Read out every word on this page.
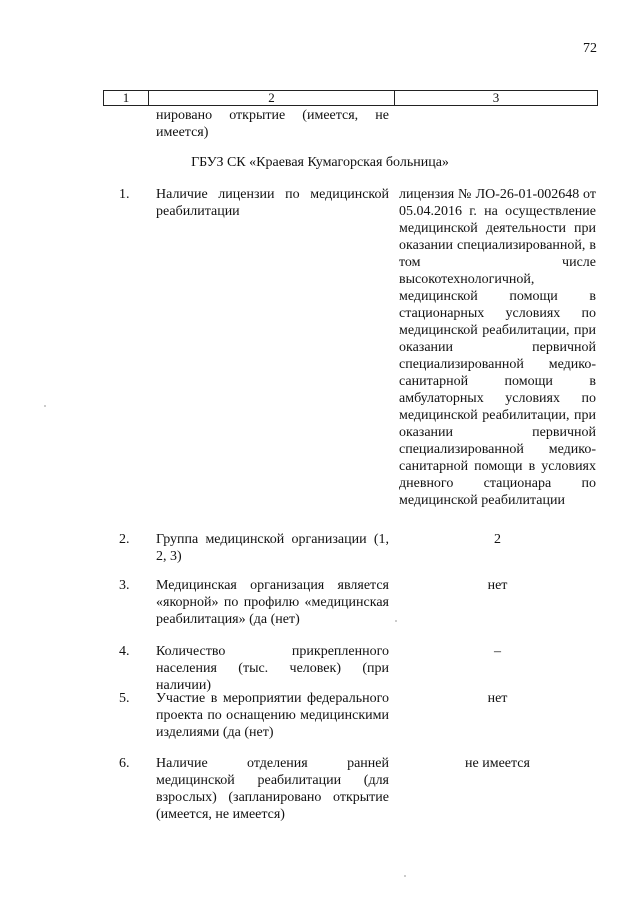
72
1	2	3
нировано открытие (имеется, не имеется)
ГБУЗ СК «Краевая Кумагорская больница»
1. Наличие лицензии по медицинской реабилитации
лицензия № ЛО-26-01-002648 от 05.04.2016 г. на осуществление медицинской деятельности при оказании специализированной, в том числе высокотехнологичной, медицинской помощи в стационарных условиях по медицинской реабилитации, при оказании первичной специализированной медико-санитарной помощи в амбулаторных условиях по медицинской реабилитации, при оказании первичной специализированной медико-санитарной помощи в условиях дневного стационара по медицинской реабилитации
2. Группа медицинской организации (1, 2, 3)
2
3. Медицинская организация является «якорной» по профилю «медицинская реабилитация» (да (нет)
нет
4. Количество прикрепленного населения (тыс. человек) (при наличии)
–
5. Участие в мероприятии федерального проекта по оснащению медицинскими изделиями (да (нет)
нет
6. Наличие отделения ранней медицинской реабилитации (для взрослых) (запланировано открытие (имеется, не имеется)
не имеется
